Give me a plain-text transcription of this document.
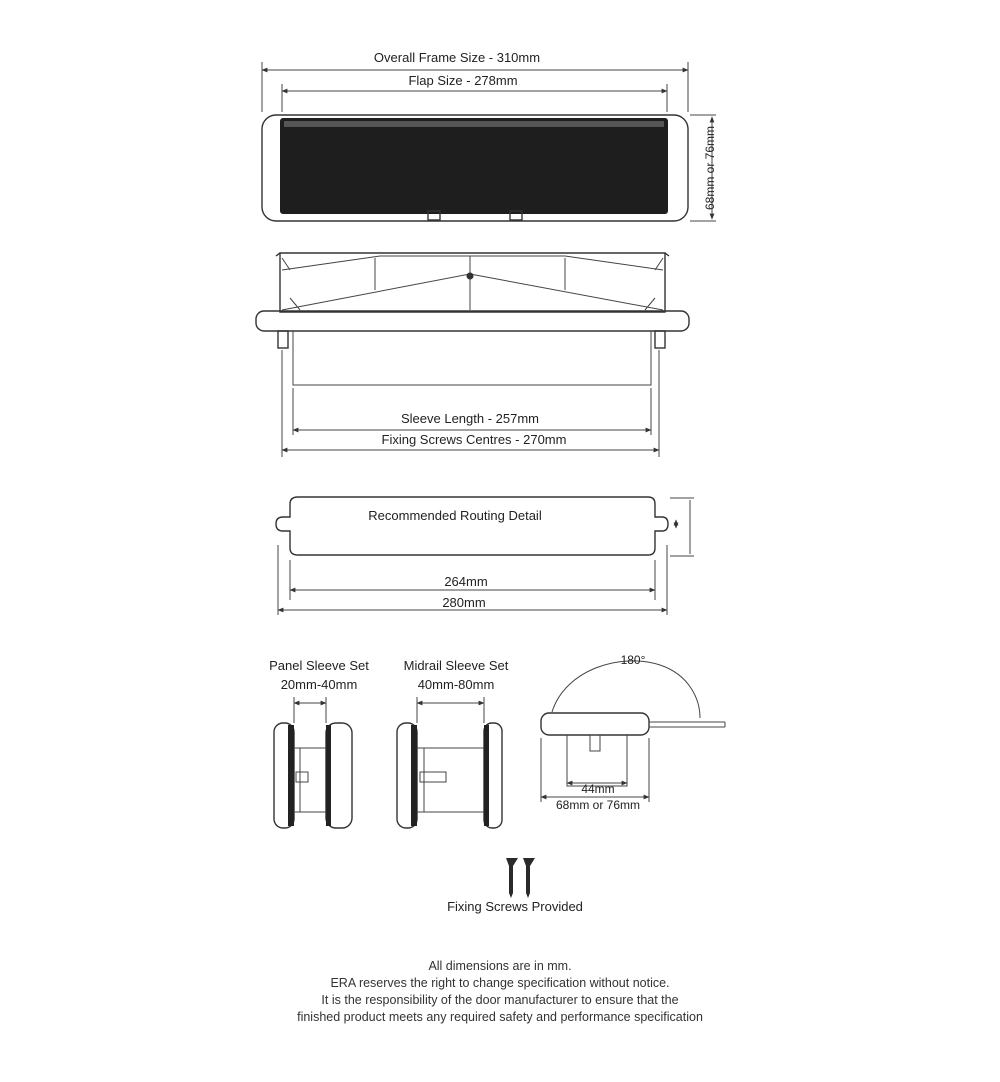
Overall Frame Size - 310mm
Flap Size - 278mm
68mm or 76mm
Sleeve Length - 257mm
Fixing Screws Centres - 270mm
Recommended Routing Detail
264mm
280mm
Panel Sleeve Set
20mm-40mm
Midrail Sleeve Set
40mm-80mm
180°
44mm
68mm or 76mm
Fixing Screws Provided
All dimensions are in mm.
ERA reserves the right to change specification without notice.
It is the responsibility of the door manufacturer to ensure that the
finished product meets any required safety and performance specification
